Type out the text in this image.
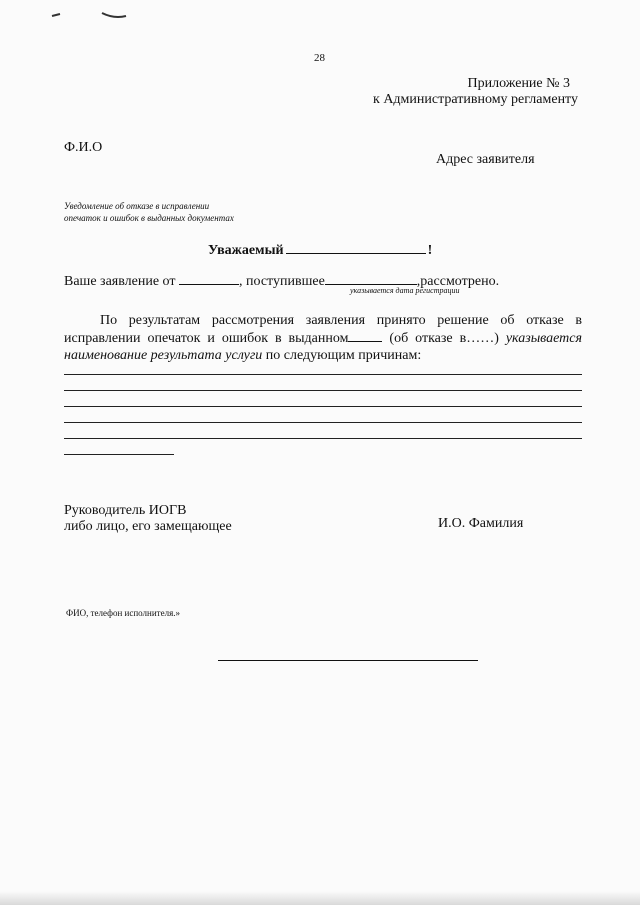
28
Приложение № 3
к Административному регламенту
Ф.И.О
Адрес заявителя
Уведомление об отказе в исправлении
опечаток и ошибок в выданных документах
Уважаемый	!
Ваше заявление от	, поступившее	,рассмотрено.
указывается дата регистрации
По результатам рассмотрения заявления принято решение об отказе в исправлении опечаток и ошибок в выданном	(об отказе в……) указывается наименование результата услуги по следующим причинам:
Руководитель ИОГВ
либо лицо, его замещающее	И.О. Фамилия
ФИО, телефон исполнителя.»
